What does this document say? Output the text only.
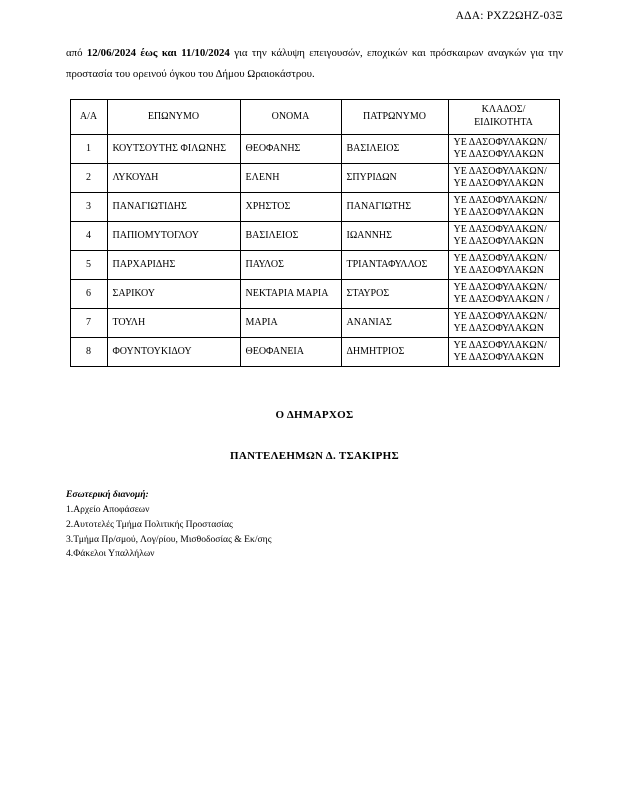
ΑΔΑ: ΡΧΖ2ΩΗΖ-03Ξ

από 12/06/2024 έως και 11/10/2024 για την κάλυψη επειγουσών, εποχικών και πρόσκαιρων αναγκών για την προστασία του ορεινού όγκου του Δήμου Ωραιοκάστρου.

Α/Α	ΕΠΩΝΥΜΟ	ΟΝΟΜΑ	ΠΑΤΡΩΝΥΜΟ	ΚΛΑΔΟΣ/
ΕΙΔΙΚΟΤΗΤΑ

1	ΚΟΥΤΣΟΥΤΗΣ ΦΙΛΩΝΗΣ	ΘΕΟΦΑΝΗΣ	ΒΑΣΙΛΕΙΟΣ	ΥΕ ΔΑΣΟΦΥΛΑΚΩΝ/
ΥΕ ΔΑΣΟΦΥΛΑΚΩΝ

2	ΛΥΚΟΥΔΗ	ΕΛΕΝΗ	ΣΠΥΡΙΔΩΝ	ΥΕ ΔΑΣΟΦΥΛΑΚΩΝ/
ΥΕ ΔΑΣΟΦΥΛΑΚΩΝ

3	ΠΑΝΑΓΙΩΤΙΔΗΣ	ΧΡΗΣΤΟΣ	ΠΑΝΑΓΙΩΤΗΣ	ΥΕ ΔΑΣΟΦΥΛΑΚΩΝ/
ΥΕ ΔΑΣΟΦΥΛΑΚΩΝ

4	ΠΑΠΙΟΜΥΤΟΓΛΟΥ	ΒΑΣΙΛΕΙΟΣ	ΙΩΑΝΝΗΣ	ΥΕ ΔΑΣΟΦΥΛΑΚΩΝ/
ΥΕ ΔΑΣΟΦΥΛΑΚΩΝ

5	ΠΑΡΧΑΡΙΔΗΣ	ΠΑΥΛΟΣ	ΤΡΙΑΝΤΑΦΥΛΛΟΣ	ΥΕ ΔΑΣΟΦΥΛΑΚΩΝ/
ΥΕ ΔΑΣΟΦΥΛΑΚΩΝ

6	ΣΑΡΙΚΟΥ	ΝΕΚΤΑΡΙΑ ΜΑΡΙΑ	ΣΤΑΥΡΟΣ	ΥΕ ΔΑΣΟΦΥΛΑΚΩΝ/
ΥΕ ΔΑΣΟΦΥΛΑΚΩΝ /

7	ΤΟΥΛΗ	ΜΑΡΙΑ	ΑΝΑΝΙΑΣ	ΥΕ ΔΑΣΟΦΥΛΑΚΩΝ/
ΥΕ ΔΑΣΟΦΥΛΑΚΩΝ

8	ΦΟΥΝΤΟΥΚΙΔΟΥ	ΘΕΟΦΑΝΕΙΑ	ΔΗΜΗΤΡΙΟΣ	ΥΕ ΔΑΣΟΦΥΛΑΚΩΝ/
ΥΕ ΔΑΣΟΦΥΛΑΚΩΝ
Ο ΔΗΜΑΡΧΟΣ
ΠΑΝΤΕΛΕΗΜΩΝ Δ. ΤΣΑΚΙΡΗΣ
Εσωτερική διανομή:
1.Αρχείο Αποφάσεων
2.Αυτοτελές Τμήμα Πολιτικής Προστασίας
3.Τμήμα Πρ/σμού, Λογ/ρίου, Μισθοδοσίας & Εκ/σης
4.Φάκελοι Υπαλλήλων
